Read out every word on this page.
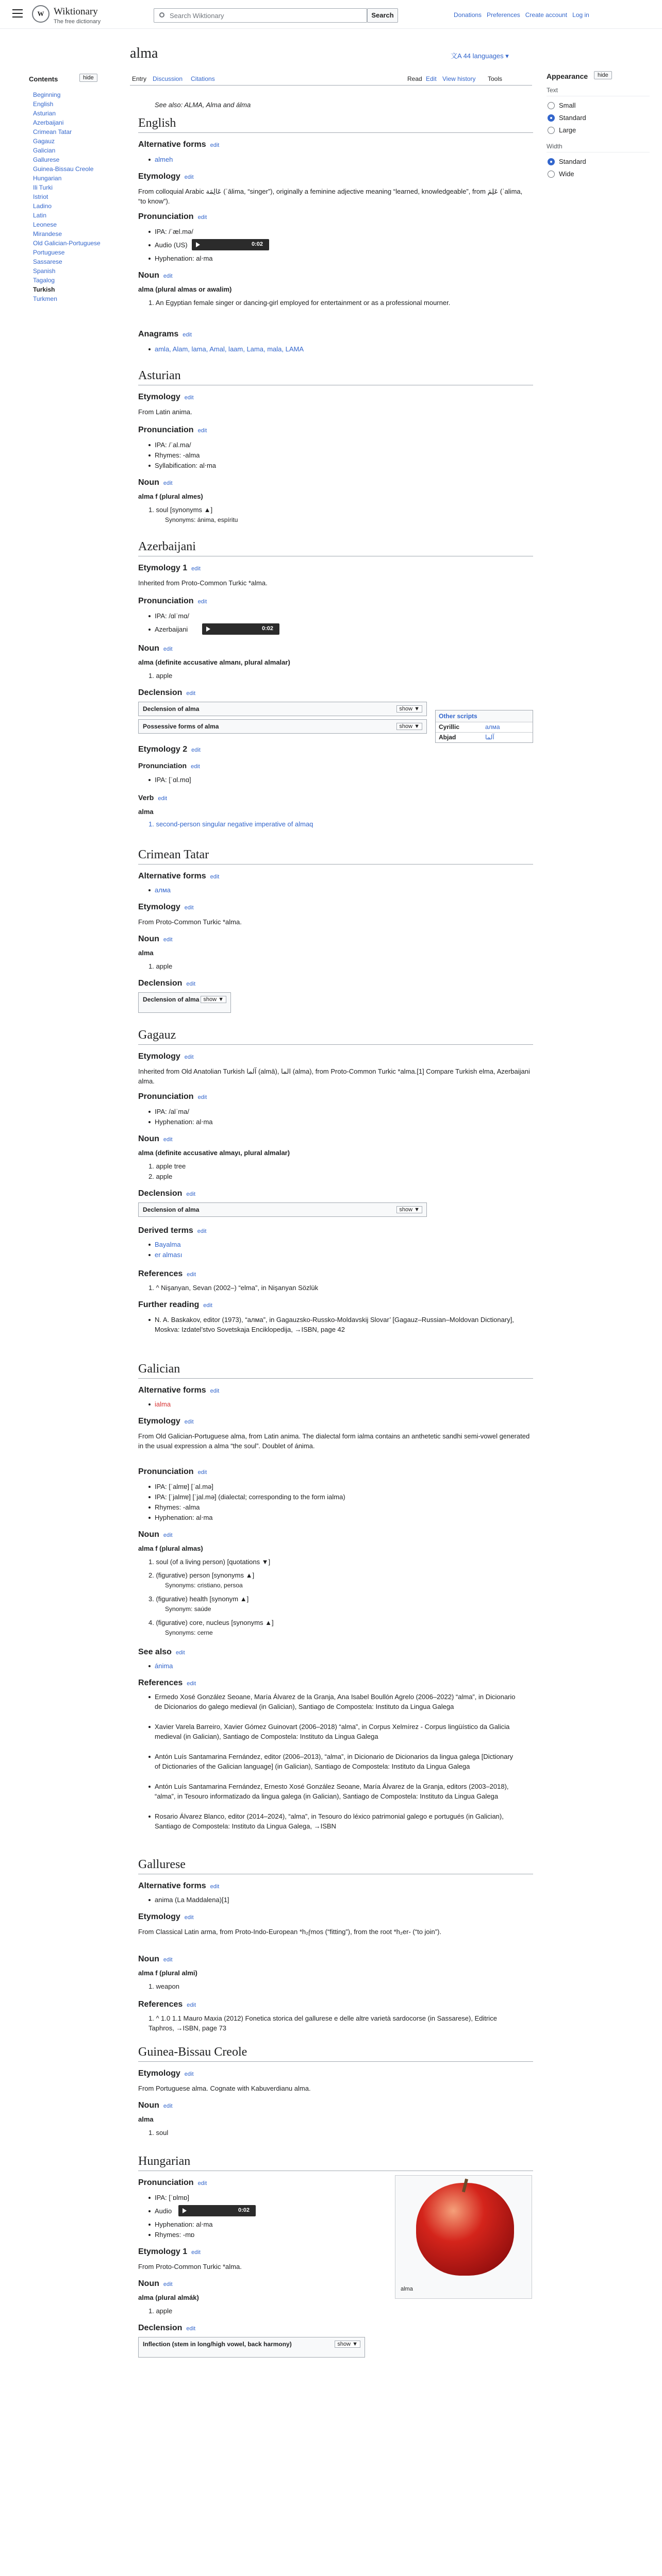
W Wiktionary
The free dictionary
Search Wiktionary	Search	Donations Preferences Create account Log in
Contents	hide
Beginning
English
Asturian
Azerbaijani
Crimean Tatar
Gagauz
Galician
Gallurese
Guinea-Bissau Creole
Hungarian
Ili Turki
Istriot
Ladino
Latin
Leonese
Mirandese
Old Galician-Portuguese
Portuguese
Sassarese
Spanish
Tagalog
Turkish
Turkmen
Appearance	hide
Text
Small
Standard
Large
Width
Standard
Wide
alma	文A 44 languages ▾
Entry Discussion Citations	Read Edit View history Tools
See also: ALMA, Alma and álma
English
Alternative forms edit
almeh
Etymology edit
From colloquial Arabic عَالِمَة (ʿālima, “singer”), originally a feminine adjective meaning “learned, knowledgeable”, from عَلِمَ (ʿalima, “to know”).
Pronunciation edit
IPA: /ˈæl.mə/
Audio (US)	0:02
Hyphenation: al‧ma
Noun edit
alma (plural almas or awalim)
1. An Egyptian female singer or dancing-girl employed for entertainment or as a professional mourner.
Anagrams edit
amla, Alam, lama, Amal, laam, Lama, mala, LAMA
Asturian
Etymology edit
From Latin anima.
Pronunciation edit
IPA: /ˈal.ma/
Rhymes: -alma
Syllabification: al‧ma
Noun edit
alma f (plural almes)
1. soul [synonyms ▲]
Synonyms: ánima, espíritu
Azerbaijani
Etymology 1 edit
Inherited from Proto-Common Turkic *alma.
Other scripts
Cyrillic	алма
Abjad	آلما
Pronunciation edit
IPA: /ɑlˈmɑ/
Azerbaijani	0:02
Noun edit
alma (definite accusative almanı, plural almalar)
1. apple
Declension edit
Declension of alma	show ▼
Possessive forms of alma	show ▼
Etymology 2 edit
Pronunciation edit
IPA: [ˈɑl.mɑ]
Verb edit
alma
1. second-person singular negative imperative of almaq
Crimean Tatar
Alternative forms edit
алма
Etymology edit
From Proto-Common Turkic *alma.
Noun edit
alma
1. apple
Declension edit
Declension of alma show ▼
Gagauz
Etymology edit
Inherited from Old Anatolian Turkish آلما (almā), الما (alma), from Proto-Common Turkic *alma.[1] Compare Turkish elma, Azerbaijani alma.
Pronunciation edit
IPA: /alˈma/
Hyphenation: al‧ma
Noun edit
alma (definite accusative almayı, plural almalar)
1. apple tree
2. apple
Declension edit
Declension of alma	show ▼
Derived terms edit
Bayalma
er alması
References edit
1. ^ Nişanyan, Sevan (2002–) “elma”, in Nişanyan Sözlük
Further reading edit
N. A. Baskakov, editor (1973), “алма”, in Gagauzsko-Russko-Moldavskij Slovar’ [Gagauz–Russian–Moldovan Dictionary], Moskva: Izdatel’stvo Sovetskaja Enciklopedija, →ISBN, page 42
Galician
Alternative forms edit
ialma
Etymology edit
From Old Galician-Portuguese alma, from Latin anima. The dialectal form ialma contains an anthetetic sandhi semi-vowel generated in the usual expression a alma “the soul”. Doublet of ánima.
Pronunciation edit
IPA: [ˈalmɐ] [ˈal.mə]
IPA: [ˈjalmɐ] [ˈjal.mə] (dialectal; corresponding to the form ialma)
Rhymes: -alma
Hyphenation: al‧ma
Noun edit
alma f (plural almas)
1. soul (of a living person) [quotations ▼]
2. (figurative) person [synonyms ▲]
Synonyms: cristiano, persoa
3. (figurative) health [synonym ▲]
Synonym: saúde
4. (figurative) core, nucleus [synonyms ▲]
Synonyms: cerne
See also edit
ánima
References edit
Ermedo Xosé González Seoane, María Álvarez de la Granja, Ana Isabel Boullón Agrelo (2006–2022) “alma”, in Dicionario de Dicionarios do galego medieval (in Galician), Santiago de Compostela: Instituto da Lingua Galega
Xavier Varela Barreiro, Xavier Gómez Guinovart (2006–2018) “alma”, in Corpus Xelmírez - Corpus lingüístico da Galicia medieval (in Galician), Santiago de Compostela: Instituto da Lingua Galega
Antón Luís Santamarina Fernández, editor (2006–2013), “alma”, in Dicionario de Dicionarios da lingua galega [Dictionary of Dictionaries of the Galician language] (in Galician), Santiago de Compostela: Instituto da Lingua Galega
Antón Luís Santamarina Fernández, Ernesto Xosé González Seoane, María Álvarez de la Granja, editors (2003–2018), “alma”, in Tesouro informatizado da lingua galega (in Galician), Santiago de Compostela: Instituto da Lingua Galega
Rosario Álvarez Blanco, editor (2014–2024), “alma”, in Tesouro do léxico patrimonial galego e portugués (in Galician), Santiago de Compostela: Instituto da Lingua Galega, →ISBN
Gallurese
Alternative forms edit
anima (La Maddalena)[1]
Etymology edit
From Classical Latin arma, from Proto-Indo-European *h₂ŕ̥mos (“fitting”), from the root *h₂er- (“to join”).
Noun edit
alma f (plural almi)
1. weapon
References edit
1. ^ 1.0 1.1 Mauro Maxia (2012) Fonetica storica del gallurese e delle altre varietà sardocorse (in Sassarese), Editrice Taphros, →ISBN, page 73
Guinea-Bissau Creole
Etymology edit
From Portuguese alma. Cognate with Kabuverdianu alma.
Noun edit
alma
1. soul
Hungarian
Pronunciation edit
IPA: [ˈɒlmɒ]
Audio	0:02
Hyphenation: al‧ma
Rhymes: -mɒ
Etymology 1 edit
From Proto-Common Turkic *alma.
Noun edit
alma (plural almák)
1. apple
Declension edit
Inflection (stem in long/high vowel, back harmony)	show ▼
alma
